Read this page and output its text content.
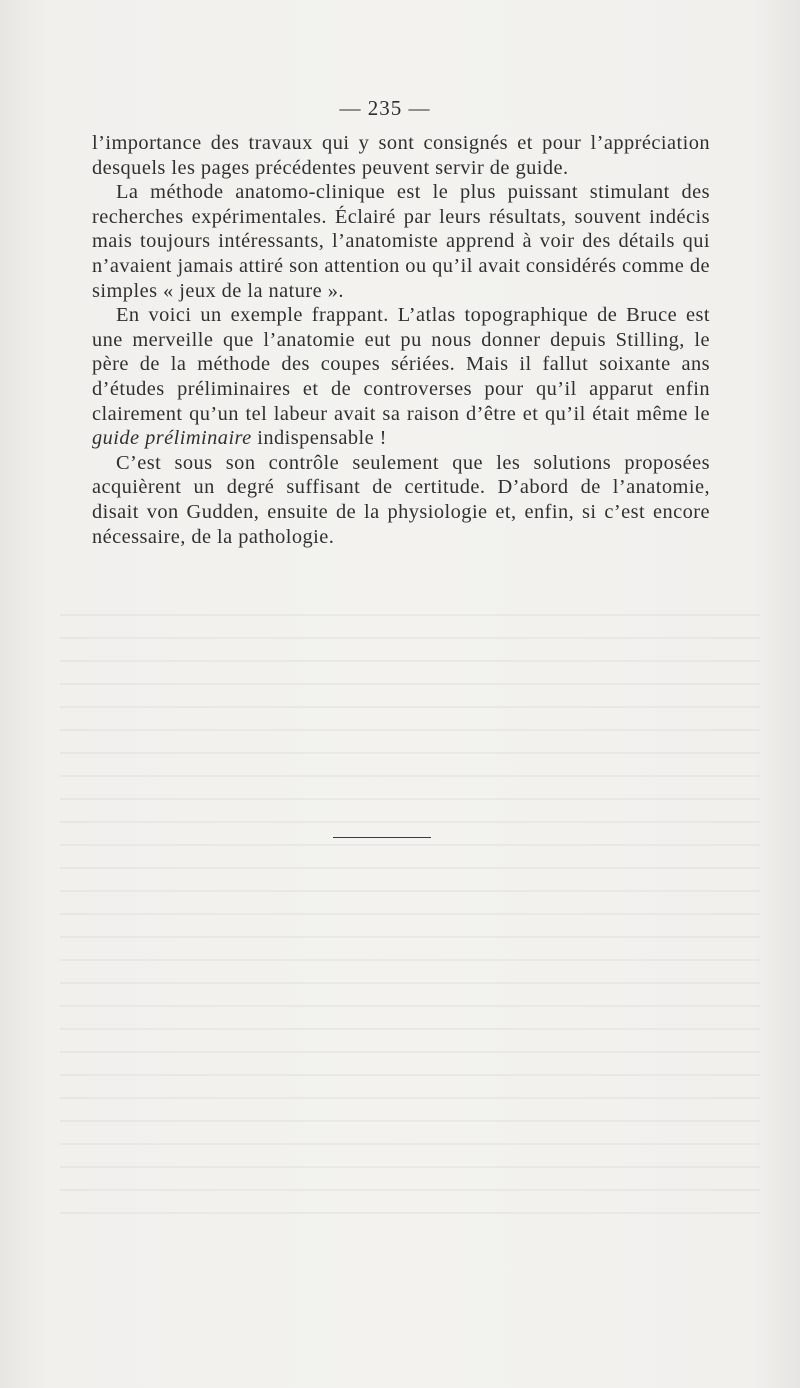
— 235 —

l’importance des travaux qui y sont consignés et pour l’appréciation desquels les pages précédentes peuvent servir de guide.

La méthode anatomo-clinique est le plus puissant stimulant des recherches expérimentales. Éclairé par leurs résultats, souvent indécis mais toujours intéressants, l’anatomiste apprend à voir des détails qui n’avaient jamais attiré son attention ou qu’il avait considérés comme de simples « jeux de la nature ».

En voici un exemple frappant. L’atlas topographique de Bruce est une merveille que l’anatomie eut pu nous donner depuis Stilling, le père de la méthode des coupes sériées. Mais il fallut soixante ans d’études préliminaires et de controverses pour qu’il apparut enfin clairement qu’un tel labeur avait sa raison d’être et qu’il était même le guide préliminaire indispensable !

C’est sous son contrôle seulement que les solutions proposées acquièrent un degré suffisant de certitude. D’abord de l’anatomie, disait von Gudden, ensuite de la physiologie et, enfin, si c’est encore nécessaire, de la pathologie.
